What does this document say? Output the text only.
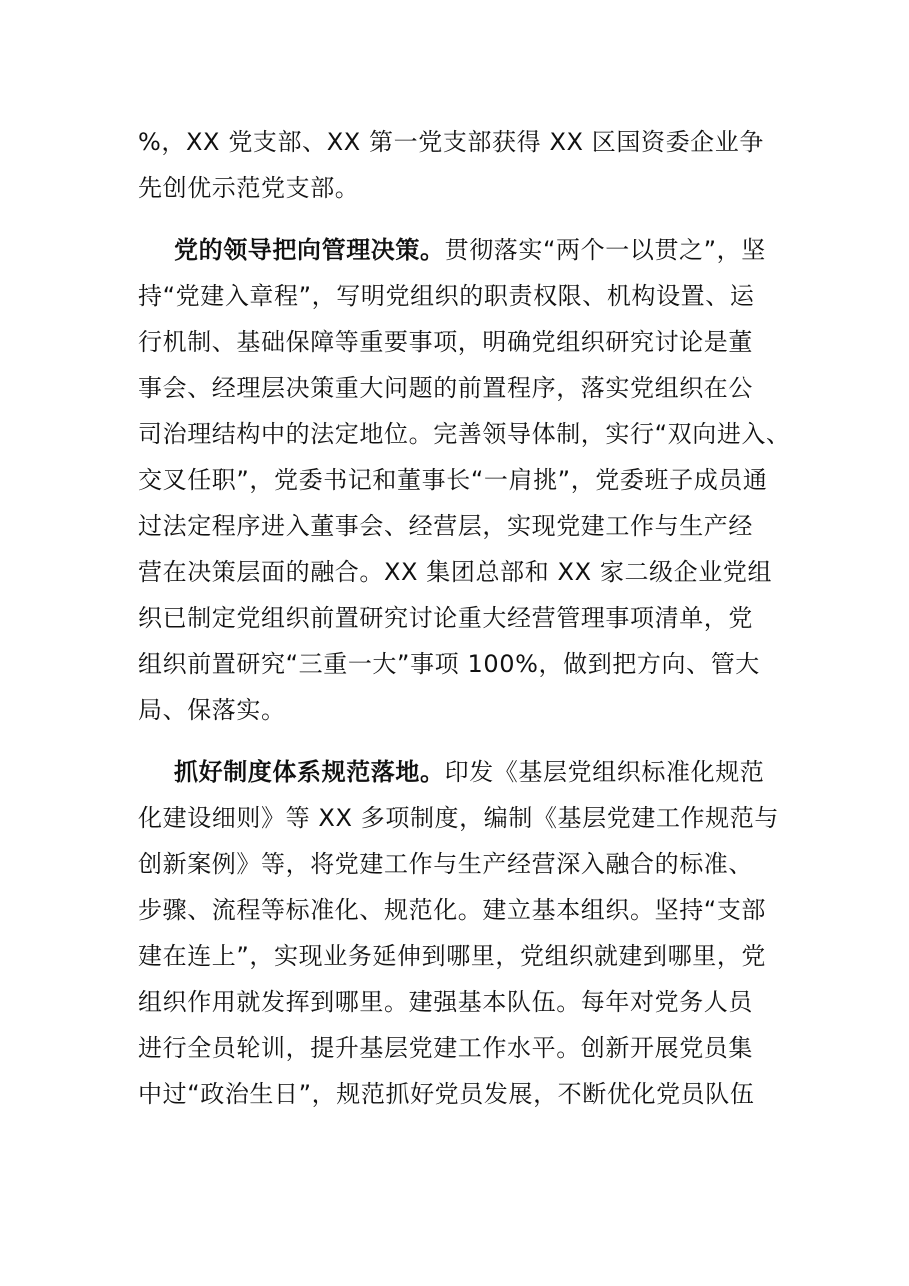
%，XX 党支部、XX 第一党支部获得 XX 区国资委企业争
先创优示范党支部。
党的领导把向管理决策。贯彻落实“两个一以贯之”，坚
持“党建入章程”，写明党组织的职责权限、机构设置、运
行机制、基础保障等重要事项，明确党组织研究讨论是董
事会、经理层决策重大问题的前置程序，落实党组织在公
司治理结构中的法定地位。完善领导体制，实行“双向进入、
交叉任职”，党委书记和董事长“一肩挑”，党委班子成员通
过法定程序进入董事会、经营层，实现党建工作与生产经
营在决策层面的融合。XX 集团总部和 XX 家二级企业党组
织已制定党组织前置研究讨论重大经营管理事项清单，党
组织前置研究“三重一大”事项 100%，做到把方向、管大
局、保落实。
抓好制度体系规范落地。印发《基层党组织标准化规范
化建设细则》等 XX 多项制度，编制《基层党建工作规范与
创新案例》等，将党建工作与生产经营深入融合的标准、
步骤、流程等标准化、规范化。建立基本组织。坚持“支部
建在连上”，实现业务延伸到哪里，党组织就建到哪里，党
组织作用就发挥到哪里。建强基本队伍。每年对党务人员
进行全员轮训，提升基层党建工作水平。创新开展党员集
中过“政治生日”，规范抓好党员发展，不断优化党员队伍
